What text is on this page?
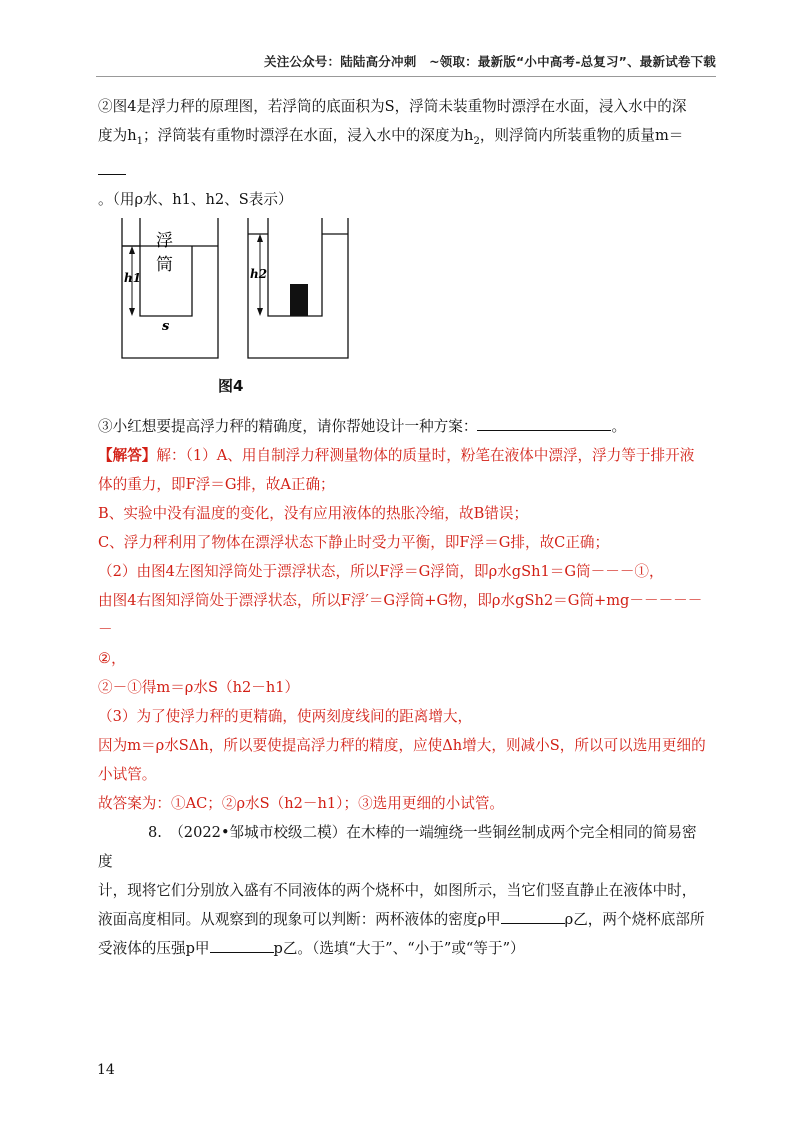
关注公众号：陆陆高分冲刺　~领取：最新版“小中高考-总复习”、最新试卷下载

②图4是浮力秤的原理图，若浮筒的底面积为S，浮筒未装重物时漂浮在水面，浸入水中的深

度为$h_1$；浮筒装有重物时漂浮在水面，浸入水中的深度为$h_2$，则浮筒内所装重物的质量m＝

。（用ρ水、h1、h2、S表示）

浮
筒
h1
s
h2
图4

③小红想要提高浮力秤的精确度，请你帮她设计一种方案：	。

【解答】解：（1）A、用自制浮力秤测量物体的质量时，粉笔在液体中漂浮，浮力等于排开液

体的重力，即F浮＝G排，故A正确；

B、实验中没有温度的变化，没有应用液体的热胀冷缩，故B错误；

C、浮力秤利用了物体在漂浮状态下静止时受力平衡，即F浮＝G排，故C正确；

（2）由图4左图知浮筒处于漂浮状态，所以F浮＝G浮筒，即ρ水gSh1＝G筒－－－①，

由图4右图知浮筒处于漂浮状态，所以F浮′＝G浮筒+G物，即ρ水gSh2＝G筒+mg－－－－－－

②，

②－①得m＝ρ水S（h2－h1）

（3）为了使浮力秤的更精确，使两刻度线间的距离增大，

因为m＝ρ水SΔh，所以要使提高浮力秤的精度，应使Δh增大，则减小S，所以可以选用更细的

小试管。

故答案为：①AC；②ρ水S（h2－h1）；③选用更细的小试管。

8.　（2022•邹城市校级二模）在木棒的一端缠绕一些铜丝制成两个完全相同的简易密度

计，现将它们分别放入盛有不同液体的两个烧杯中，如图所示，当它们竖直静止在液体中时，

液面高度相同。从观察到的现象可以判断：两杯液体的密度ρ甲	ρ乙，两个烧杯底部所

受液体的压强p甲	p乙。（选填“大于”、“小于”或“等于”）

14
